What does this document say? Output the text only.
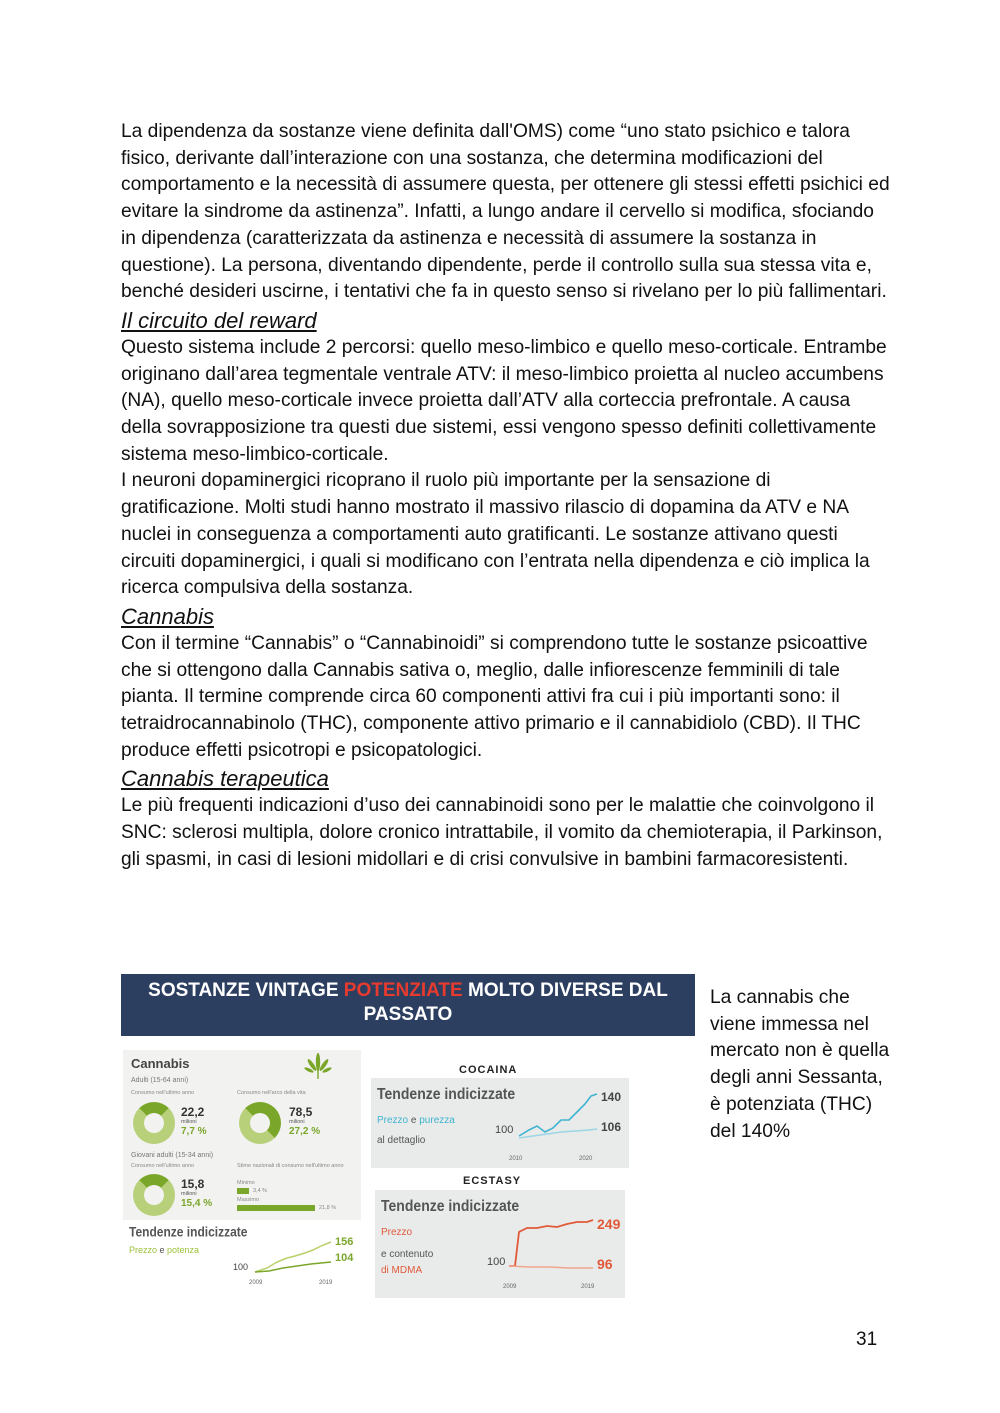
La dipendenza da sostanze viene definita dall'OMS) come “uno stato psichico e talora fisico, derivante dall’interazione con una sostanza, che determina modificazioni del comportamento e la necessità di assumere questa, per ottenere gli stessi effetti psichici ed evitare la sindrome da astinenza”. Infatti, a lungo andare il cervello si modifica, sfociando in dipendenza (caratterizzata da astinenza e necessità di assumere la sostanza in questione). La persona, diventando dipendente, perde il controllo sulla sua stessa vita e, benché desideri uscirne, i tentativi che fa in questo senso si rivelano per lo più fallimentari.

Il circuito del reward

Questo sistema include 2 percorsi: quello meso-limbico e quello meso-corticale. Entrambe originano dall’area tegmentale ventrale ATV: il meso-limbico proietta al nucleo accumbens (NA), quello meso-corticale invece proietta dall’ATV alla corteccia prefrontale. A causa della sovrapposizione tra questi due sistemi, essi vengono spesso definiti collettivamente sistema meso-limbico-corticale.

I neuroni dopaminergici ricoprano il ruolo più importante per la sensazione di gratificazione. Molti studi hanno mostrato il massivo rilascio di dopamina da ATV e NA nuclei in conseguenza a comportamenti auto gratificanti. Le sostanze attivano questi circuiti dopaminergici, i quali si modificano con l’entrata nella dipendenza e ciò implica la ricerca compulsiva della sostanza.

Cannabis

Con il termine “Cannabis” o “Cannabinoidi” si comprendono tutte le sostanze psicoattive che si ottengono dalla Cannabis sativa o, meglio, dalle infiorescenze femminili di tale pianta. Il termine comprende circa 60 componenti attivi fra cui i più importanti sono: il tetraidrocannabinolo (THC), componente attivo primario e il cannabidiolo (CBD). Il THC produce effetti psicotropi e psicopatologici.

Cannabis terapeutica

Le più frequenti indicazioni d’uso dei cannabinoidi sono per le malattie che coinvolgono il SNC: sclerosi multipla, dolore cronico intrattabile, il vomito da chemioterapia, il Parkinson, gli spasmi, in casi di lesioni midollari e di crisi convulsive in bambini farmacoresistenti.

SOSTANZE VINTAGE POTENZIATE MOLTO DIVERSE DAL PASSATO
Cannabis
Adulti (15-64 anni)
Consumo nell'ultimo anno	Consumo nell'arco della vita
22,2
milioni
7,7 %
78,5
milioni
27,2 %
Giovani adulti (15-34 anni)
Consumo nell'ultimo anno	Stime nazionali di consumo nell'ultimo anno
15,8
milioni
15,4 %
Minimo
3,4 %
Massimo
21,8 %
Tendenze indicizzate
Prezzo e potenza
100
156
104
2009	2019
COCAINA
Tendenze indicizzate
Prezzo e purezza
al dettaglio
100
140
106
2010	2020
ECSTASY
Tendenze indicizzate
Prezzo
e contenuto
di MDMA
100
249
96
2009	2019

La cannabis che viene immessa nel mercato non è quella degli anni Sessanta, è potenziata (THC) del 140%

31
